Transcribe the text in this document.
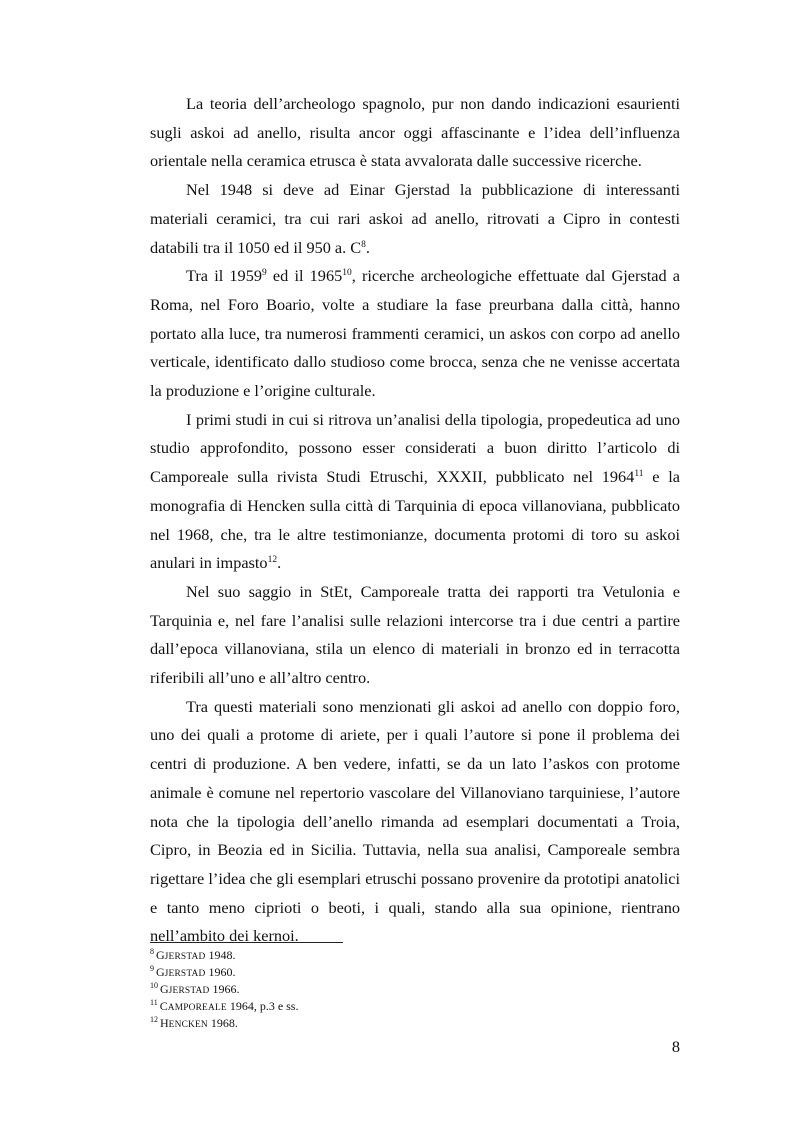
La teoria dell’archeologo spagnolo, pur non dando indicazioni esaurienti sugli askoi ad anello, risulta ancor oggi affascinante e l’idea dell’influenza orientale nella ceramica etrusca è stata avvalorata dalle successive ricerche.

Nel 1948 si deve ad Einar Gjerstad la pubblicazione di interessanti materiali ceramici, tra cui rari askoi ad anello, ritrovati a Cipro in contesti databili tra il 1050 ed il 950 a. C$^8$.

Tra il 1959$^9$ ed il 1965$^{10}$, ricerche archeologiche effettuate dal Gjerstad a Roma, nel Foro Boario, volte a studiare la fase preurbana dalla città, hanno portato alla luce, tra numerosi frammenti ceramici, un askos con corpo ad anello verticale, identificato dallo studioso come brocca, senza che ne venisse accertata la produzione e l’origine culturale.

I primi studi in cui si ritrova un’analisi della tipologia, propedeutica ad uno studio approfondito, possono esser considerati a buon diritto l’articolo di Camporeale sulla rivista Studi Etruschi, XXXII, pubblicato nel 1964$^{11}$ e la monografia di Hencken sulla città di Tarquinia di epoca villanoviana, pubblicato nel 1968, che, tra le altre testimonianze, documenta protomi di toro su askoi anulari in impasto$^{12}$.

Nel suo saggio in StEt, Camporeale tratta dei rapporti tra Vetulonia e Tarquinia e, nel fare l’analisi sulle relazioni intercorse tra i due centri a partire dall’epoca villanoviana, stila un elenco di materiali in bronzo ed in terracotta riferibili all’uno e all’altro centro.

Tra questi materiali sono menzionati gli askoi ad anello con doppio foro, uno dei quali a protome di ariete, per i quali l’autore si pone il problema dei centri di produzione. A ben vedere, infatti, se da un lato l’askos con protome animale è comune nel repertorio vascolare del Villanoviano tarquiniese, l’autore nota che la tipologia dell’anello rimanda ad esemplari documentati a Troia, Cipro, in Beozia ed in Sicilia. Tuttavia, nella sua analisi, Camporeale sembra rigettare l’idea che gli esemplari etruschi possano provenire da prototipi anatolici e tanto meno ciprioti o beoti, i quali, stando alla sua opinione, rientrano nell’ambito dei kernoi.

$^8$ GJERSTAD 1948.

$^9$ GJERSTAD 1960.

$^{10}$ GJERSTAD 1966.

$^{11}$ CAMPOREALE 1964, p.3 e ss.

$^{12}$ HENCKEN 1968.

8
